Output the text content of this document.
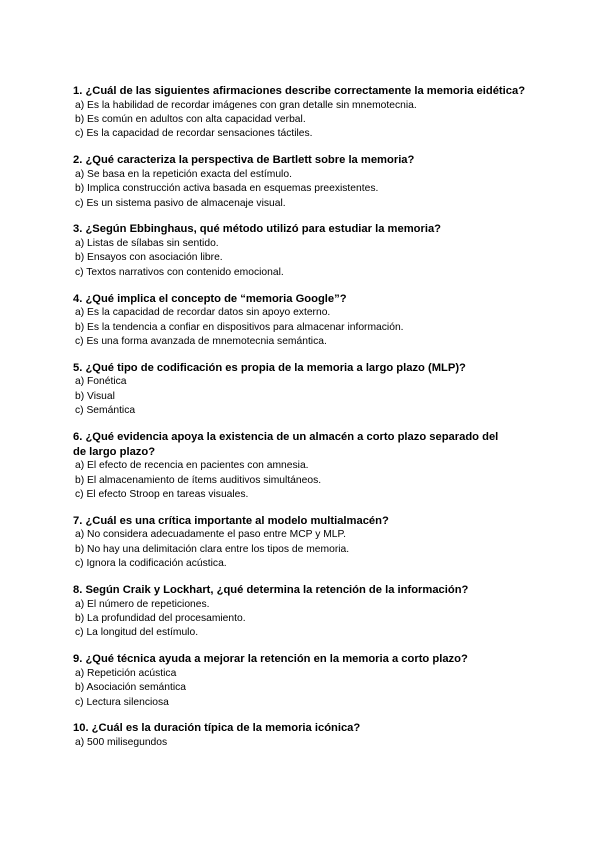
1. ¿Cuál de las siguientes afirmaciones describe correctamente la memoria eidética?

a) Es la habilidad de recordar imágenes con gran detalle sin mnemotecnia.

b) Es común en adultos con alta capacidad verbal.

c) Es la capacidad de recordar sensaciones táctiles.

2. ¿Qué caracteriza la perspectiva de Bartlett sobre la memoria?

a) Se basa en la repetición exacta del estímulo.

b) Implica construcción activa basada en esquemas preexistentes.

c) Es un sistema pasivo de almacenaje visual.

3. ¿Según Ebbinghaus, qué método utilizó para estudiar la memoria?

a) Listas de sílabas sin sentido.

b) Ensayos con asociación libre.

c) Textos narrativos con contenido emocional.

4. ¿Qué implica el concepto de “memoria Google”?

a) Es la capacidad de recordar datos sin apoyo externo.

b) Es la tendencia a confiar en dispositivos para almacenar información.

c) Es una forma avanzada de mnemotecnia semántica.

5. ¿Qué tipo de codificación es propia de la memoria a largo plazo (MLP)?

a) Fonética

b) Visual

c) Semántica

6. ¿Qué evidencia apoya la existencia de un almacén a corto plazo separado del de largo plazo?

a) El efecto de recencia en pacientes con amnesia.

b) El almacenamiento de ítems auditivos simultáneos.

c) El efecto Stroop en tareas visuales.

7. ¿Cuál es una crítica importante al modelo multialmacén?

a) No considera adecuadamente el paso entre MCP y MLP.

b) No hay una delimitación clara entre los tipos de memoria.

c) Ignora la codificación acústica.

8. Según Craik y Lockhart, ¿qué determina la retención de la información?

a) El número de repeticiones.

b) La profundidad del procesamiento.

c) La longitud del estímulo.

9. ¿Qué técnica ayuda a mejorar la retención en la memoria a corto plazo?

a) Repetición acústica

b) Asociación semántica

c) Lectura silenciosa

10. ¿Cuál es la duración típica de la memoria icónica?

a) 500 milisegundos
